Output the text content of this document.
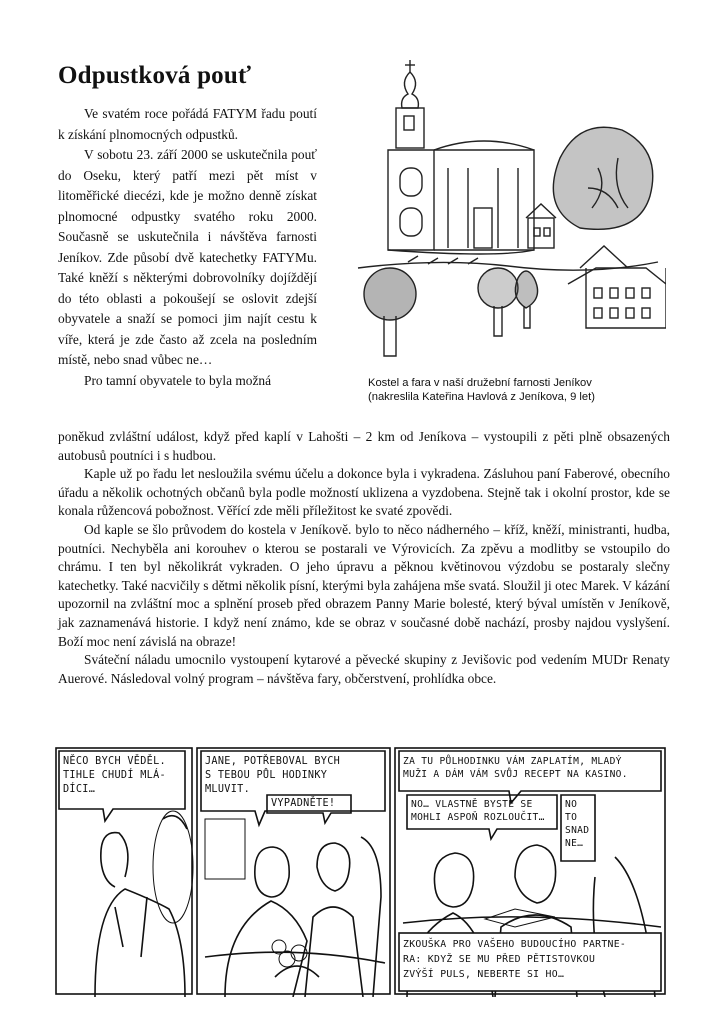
Odpustková pouť

Ve svatém roce pořádá FATYM řadu poutí k získání plnomocných odpustků.

V sobotu 23. září 2000 se uskutečnila pouť do Oseku, který patří mezi pět míst v litoměřické diecézi, kde je možno denně získat plnomocné odpustky svatého roku 2000. Současně se uskutečnila i návštěva farnosti Jeníkov. Zde působí dvě katechetky FATYMu. Také kněží s některými dobrovolníky dojíždějí do této oblasti a pokoušejí se oslovit zdejší obyvatele a snaží se pomoci jim najít cestu k víře, která je zde často až zcela na posledním místě, nebo snad vůbec ne…

Pro tamní obyvatele to byla možná	Kostel a fara v naší družební farnosti Jeníkov
(nakreslila Kateřina Havlová z Jeníkova, 9 let)

poněkud zvláštní událost, když před kaplí v Lahošti – 2 km od Jeníkova – vystoupili z pěti plně obsazených autobusů poutníci i s hudbou.

Kaple už po řadu let nesloužila svému účelu a dokonce byla i vykradena. Zásluhou paní Faberové, obecního úřadu a několik ochotných občanů byla podle možností uklizena a vyzdobena. Stejně tak i okolní prostor, kde se konala růžencová pobožnost. Věřící zde měli příležitost ke svaté zpovědi.

Od kaple se šlo průvodem do kostela v Jeníkově. bylo to něco nádherného – kříž, kněží, ministranti, hudba, poutníci. Nechyběla ani korouhev o kterou se postarali ve Výrovicích. Za zpěvu a modlitby se vstoupilo do chrámu. I ten byl několikrát vykraden. O jeho úpravu a pěknou květinovou výzdobu se postaraly slečny katechetky. Také nacvičily s dětmi několik písní, kterými byla zahájena mše svatá. Sloužil ji otec Marek. V kázání upozornil na zvláštní moc a splnění proseb před obrazem Panny Marie bolesté, který býval umístěn v Jeníkově, jak zaznamenává historie. I když není známo, kde se obraz v současné době nachází, prosby najdou vyslyšení. Boží moc není závislá na obraze!

Sváteční náladu umocnilo vystoupení kytarové a pěvecké skupiny z Jevišovic pod vedením MUDr Renaty Auerové. Následoval volný program – návštěva fary, občerstvení, prohlídka obce.

NĚCO BYCH VĚDĚL.
TIHLE CHUDÍ MLÁ-
DÍCI…
JANE, POTŘEBOVAL BYCH
S TEBOU PŮL HODINKY
MLUVIT.
VYPADNĚTE!
ZA TU PŮLHODINKU VÁM ZAPLATÍM, MLADÝ
MUŽI A DÁM VÁM SVŮJ RECEPT NA KASINO.
NO… VLASTNĚ BYSTE SE
MOHLI ASPOŇ ROZLOUČIT…
NO
TO
SNAD
NE…
ZKOUŠKA PRO VAŠEHO BUDOUCÍHO PARTNE-
RA: KDYŽ SE MU PŘED PĚTISTOVKOU
ZVÝŠÍ PULS, NEBERTE SI HO…
